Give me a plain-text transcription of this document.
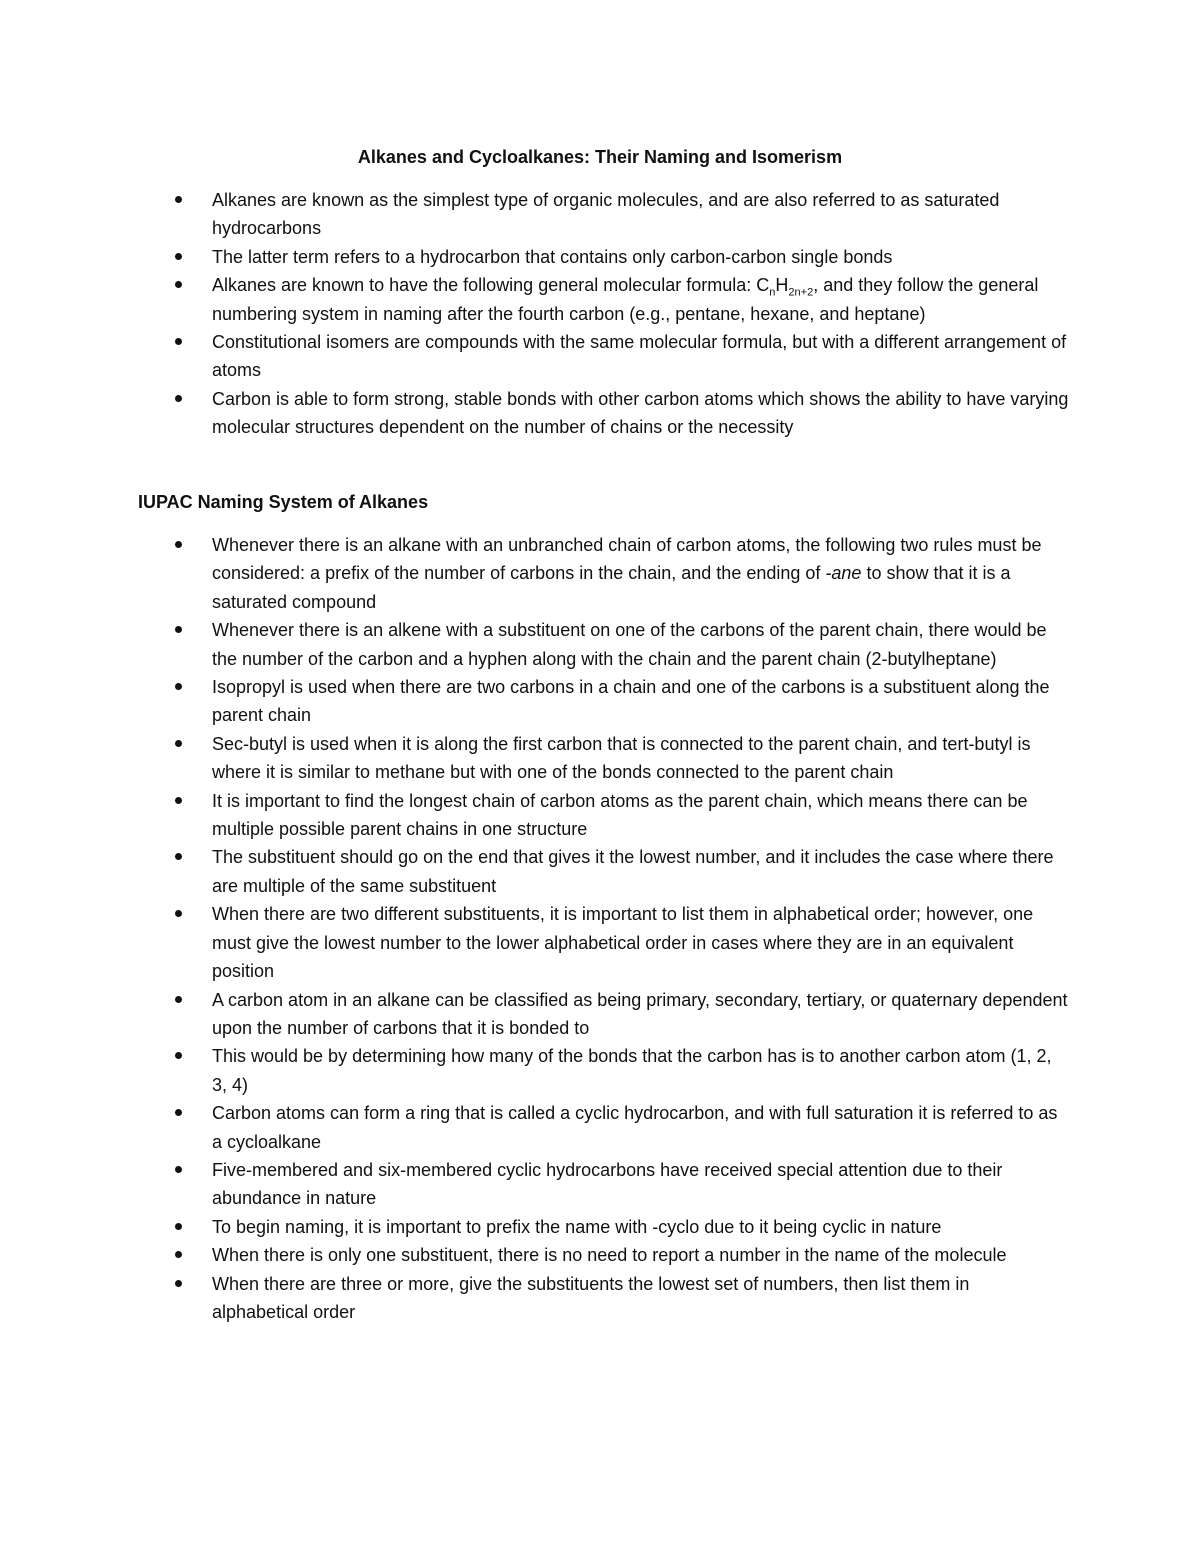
Alkanes and Cycloalkanes: Their Naming and Isomerism
Alkanes are known as the simplest type of organic molecules, and are also referred to as saturated hydrocarbons
The latter term refers to a hydrocarbon that contains only carbon-carbon single bonds
Alkanes are known to have the following general molecular formula: $C_nH_{2n+2}$, and they follow the general numbering system in naming after the fourth carbon (e.g., pentane, hexane, and heptane)
Constitutional isomers are compounds with the same molecular formula, but with a different arrangement of atoms
Carbon is able to form strong, stable bonds with other carbon atoms which shows the ability to have varying molecular structures dependent on the number of chains or the necessity
IUPAC Naming System of Alkanes
Whenever there is an alkane with an unbranched chain of carbon atoms, the following two rules must be considered: a prefix of the number of carbons in the chain, and the ending of -ane to show that it is a saturated compound
Whenever there is an alkene with a substituent on one of the carbons of the parent chain, there would be the number of the carbon and a hyphen along with the chain and the parent chain (2-butylheptane)
Isopropyl is used when there are two carbons in a chain and one of the carbons is a substituent along the parent chain
Sec-butyl is used when it is along the first carbon that is connected to the parent chain, and tert-butyl is where it is similar to methane but with one of the bonds connected to the parent chain
It is important to find the longest chain of carbon atoms as the parent chain, which means there can be multiple possible parent chains in one structure
The substituent should go on the end that gives it the lowest number, and it includes the case where there are multiple of the same substituent
When there are two different substituents, it is important to list them in alphabetical order; however, one must give the lowest number to the lower alphabetical order in cases where they are in an equivalent position
A carbon atom in an alkane can be classified as being primary, secondary, tertiary, or quaternary dependent upon the number of carbons that it is bonded to
This would be by determining how many of the bonds that the carbon has is to another carbon atom (1, 2, 3, 4)
Carbon atoms can form a ring that is called a cyclic hydrocarbon, and with full saturation it is referred to as a cycloalkane
Five-membered and six-membered cyclic hydrocarbons have received special attention due to their abundance in nature
To begin naming, it is important to prefix the name with -cyclo due to it being cyclic in nature
When there is only one substituent, there is no need to report a number in the name of the molecule
When there are three or more, give the substituents the lowest set of numbers, then list them in alphabetical order
